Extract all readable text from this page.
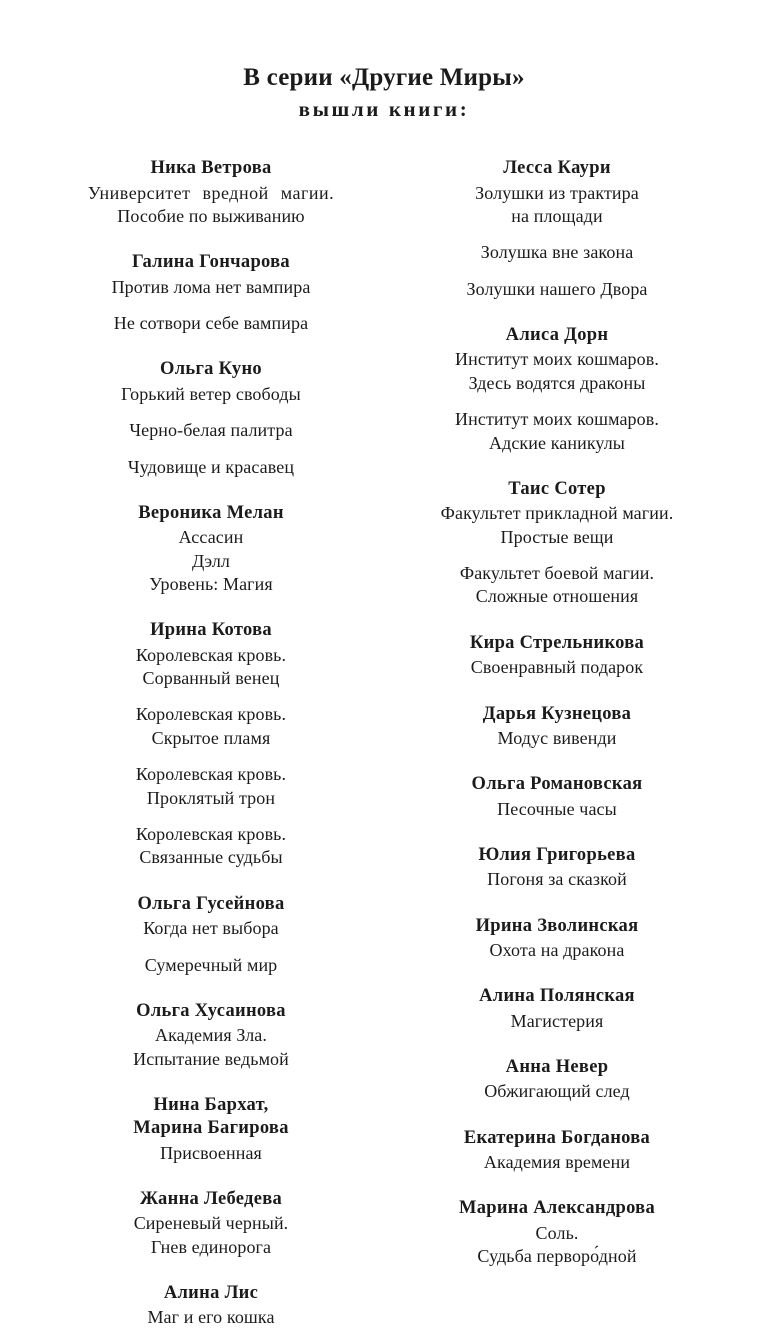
В серии «Другие Миры»
вышли книги:
Ника Ветрова
Университет вредной магии.
Пособие по выживанию
Галина Гончарова
Против лома нет вампира
Не сотвори себе вампира
Ольга Куно
Горький ветер свободы
Черно-белая палитра
Чудовище и красавец
Вероника Мелан
Ассасин
Дэлл
Уровень: Магия
Ирина Котова
Королевская кровь.
Сорванный венец
Королевская кровь.
Скрытое пламя
Королевская кровь.
Проклятый трон
Королевская кровь.
Связанные судьбы
Ольга Гусейнова
Когда нет выбора
Сумеречный мир
Ольга Хусаинова
Академия Зла.
Испытание ведьмой
Нина Бархат,
Марина Багирова
Присвоенная
Жанна Лебедева
Сиреневый черный.
Гнев единорога
Алина Лис
Маг и его кошка
Лесса Каури
Золушки из трактира
на площади
Золушка вне закона
Золушки нашего Двора
Алиса Дорн
Институт моих кошмаров.
Здесь водятся драконы
Институт моих кошмаров.
Адские каникулы
Таис Сотер
Факультет прикладной магии.
Простые вещи
Факультет боевой магии.
Сложные отношения
Кира Стрельникова
Своенравный подарок
Дарья Кузнецова
Модус вивенди
Ольга Романовская
Песочные часы
Юлия Григорьева
Погоня за сказкой
Ирина Зволинская
Охота на дракона
Алина Полянская
Магистерия
Анна Невер
Обжигающий след
Екатерина Богданова
Академия времени
Марина Александрова
Соль.
Судьба перворо́дной
